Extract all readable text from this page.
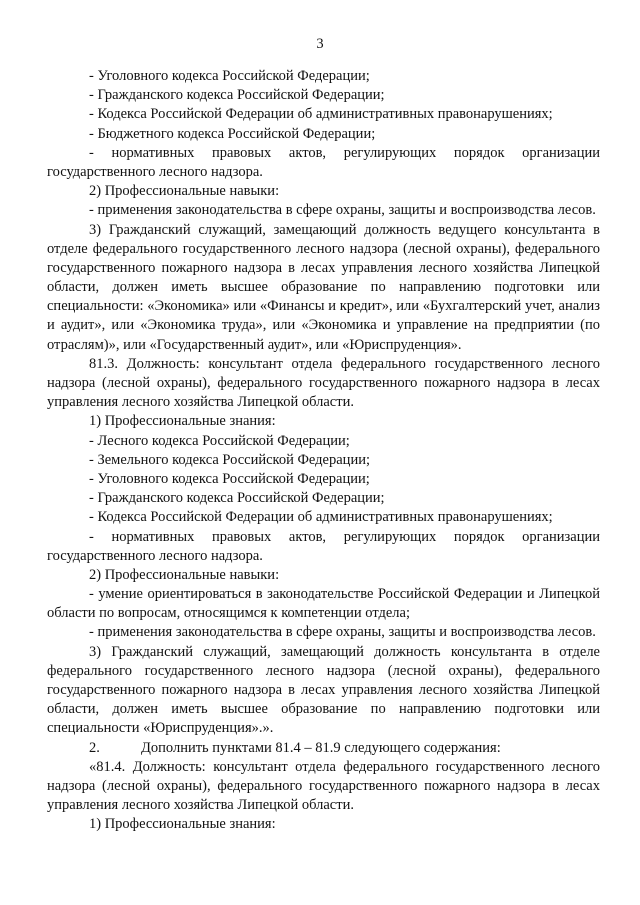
3
- Уголовного кодекса Российской Федерации;
- Гражданского кодекса Российской Федерации;
- Кодекса Российской Федерации об административных правонарушениях;
- Бюджетного кодекса Российской Федерации;
- нормативных правовых актов, регулирующих порядок организации
государственного лесного надзора.
2) Профессиональные навыки:
- применения законодательства в сфере охраны, защиты и воспроизводства лесов.
3) Гражданский служащий, замещающий должность ведущего консультанта в
отделе федерального государственного лесного надзора (лесной охраны), федерального
государственного пожарного надзора в лесах управления лесного хозяйства Липецкой
области, должен иметь высшее образование по направлению подготовки или
специальности: «Экономика» или «Финансы и кредит», или «Бухгалтерский учет, анализ
и аудит», или «Экономика труда», или «Экономика и управление на предприятии (по
отраслям)», или «Государственный аудит», или «Юриспруденция».
81.3. Должность: консультант отдела федерального государственного лесного
надзора (лесной охраны), федерального государственного пожарного надзора в лесах
управления лесного хозяйства Липецкой области.
1) Профессиональные знания:
- Лесного кодекса Российской Федерации;
- Земельного кодекса Российской Федерации;
- Уголовного кодекса Российской Федерации;
- Гражданского кодекса Российской Федерации;
- Кодекса Российской Федерации об административных правонарушениях;
- нормативных правовых актов, регулирующих порядок организации
государственного лесного надзора.
2) Профессиональные навыки:
- умение ориентироваться в законодательстве Российской Федерации и Липецкой
области по вопросам, относящимся к компетенции отдела;
- применения законодательства в сфере охраны, защиты и воспроизводства лесов.
3) Гражданский служащий, замещающий должность консультанта в отделе
федерального государственного лесного надзора (лесной охраны), федерального
государственного пожарного надзора в лесах управления лесного хозяйства Липецкой
области, должен иметь высшее образование по направлению подготовки или
специальности «Юриспруденция».».
2.	Дополнить пунктами 81.4 – 81.9 следующего содержания:
«81.4. Должность: консультант отдела федерального государственного лесного
надзора (лесной охраны), федерального государственного пожарного надзора в лесах
управления лесного хозяйства Липецкой области.
1) Профессиональные знания:
